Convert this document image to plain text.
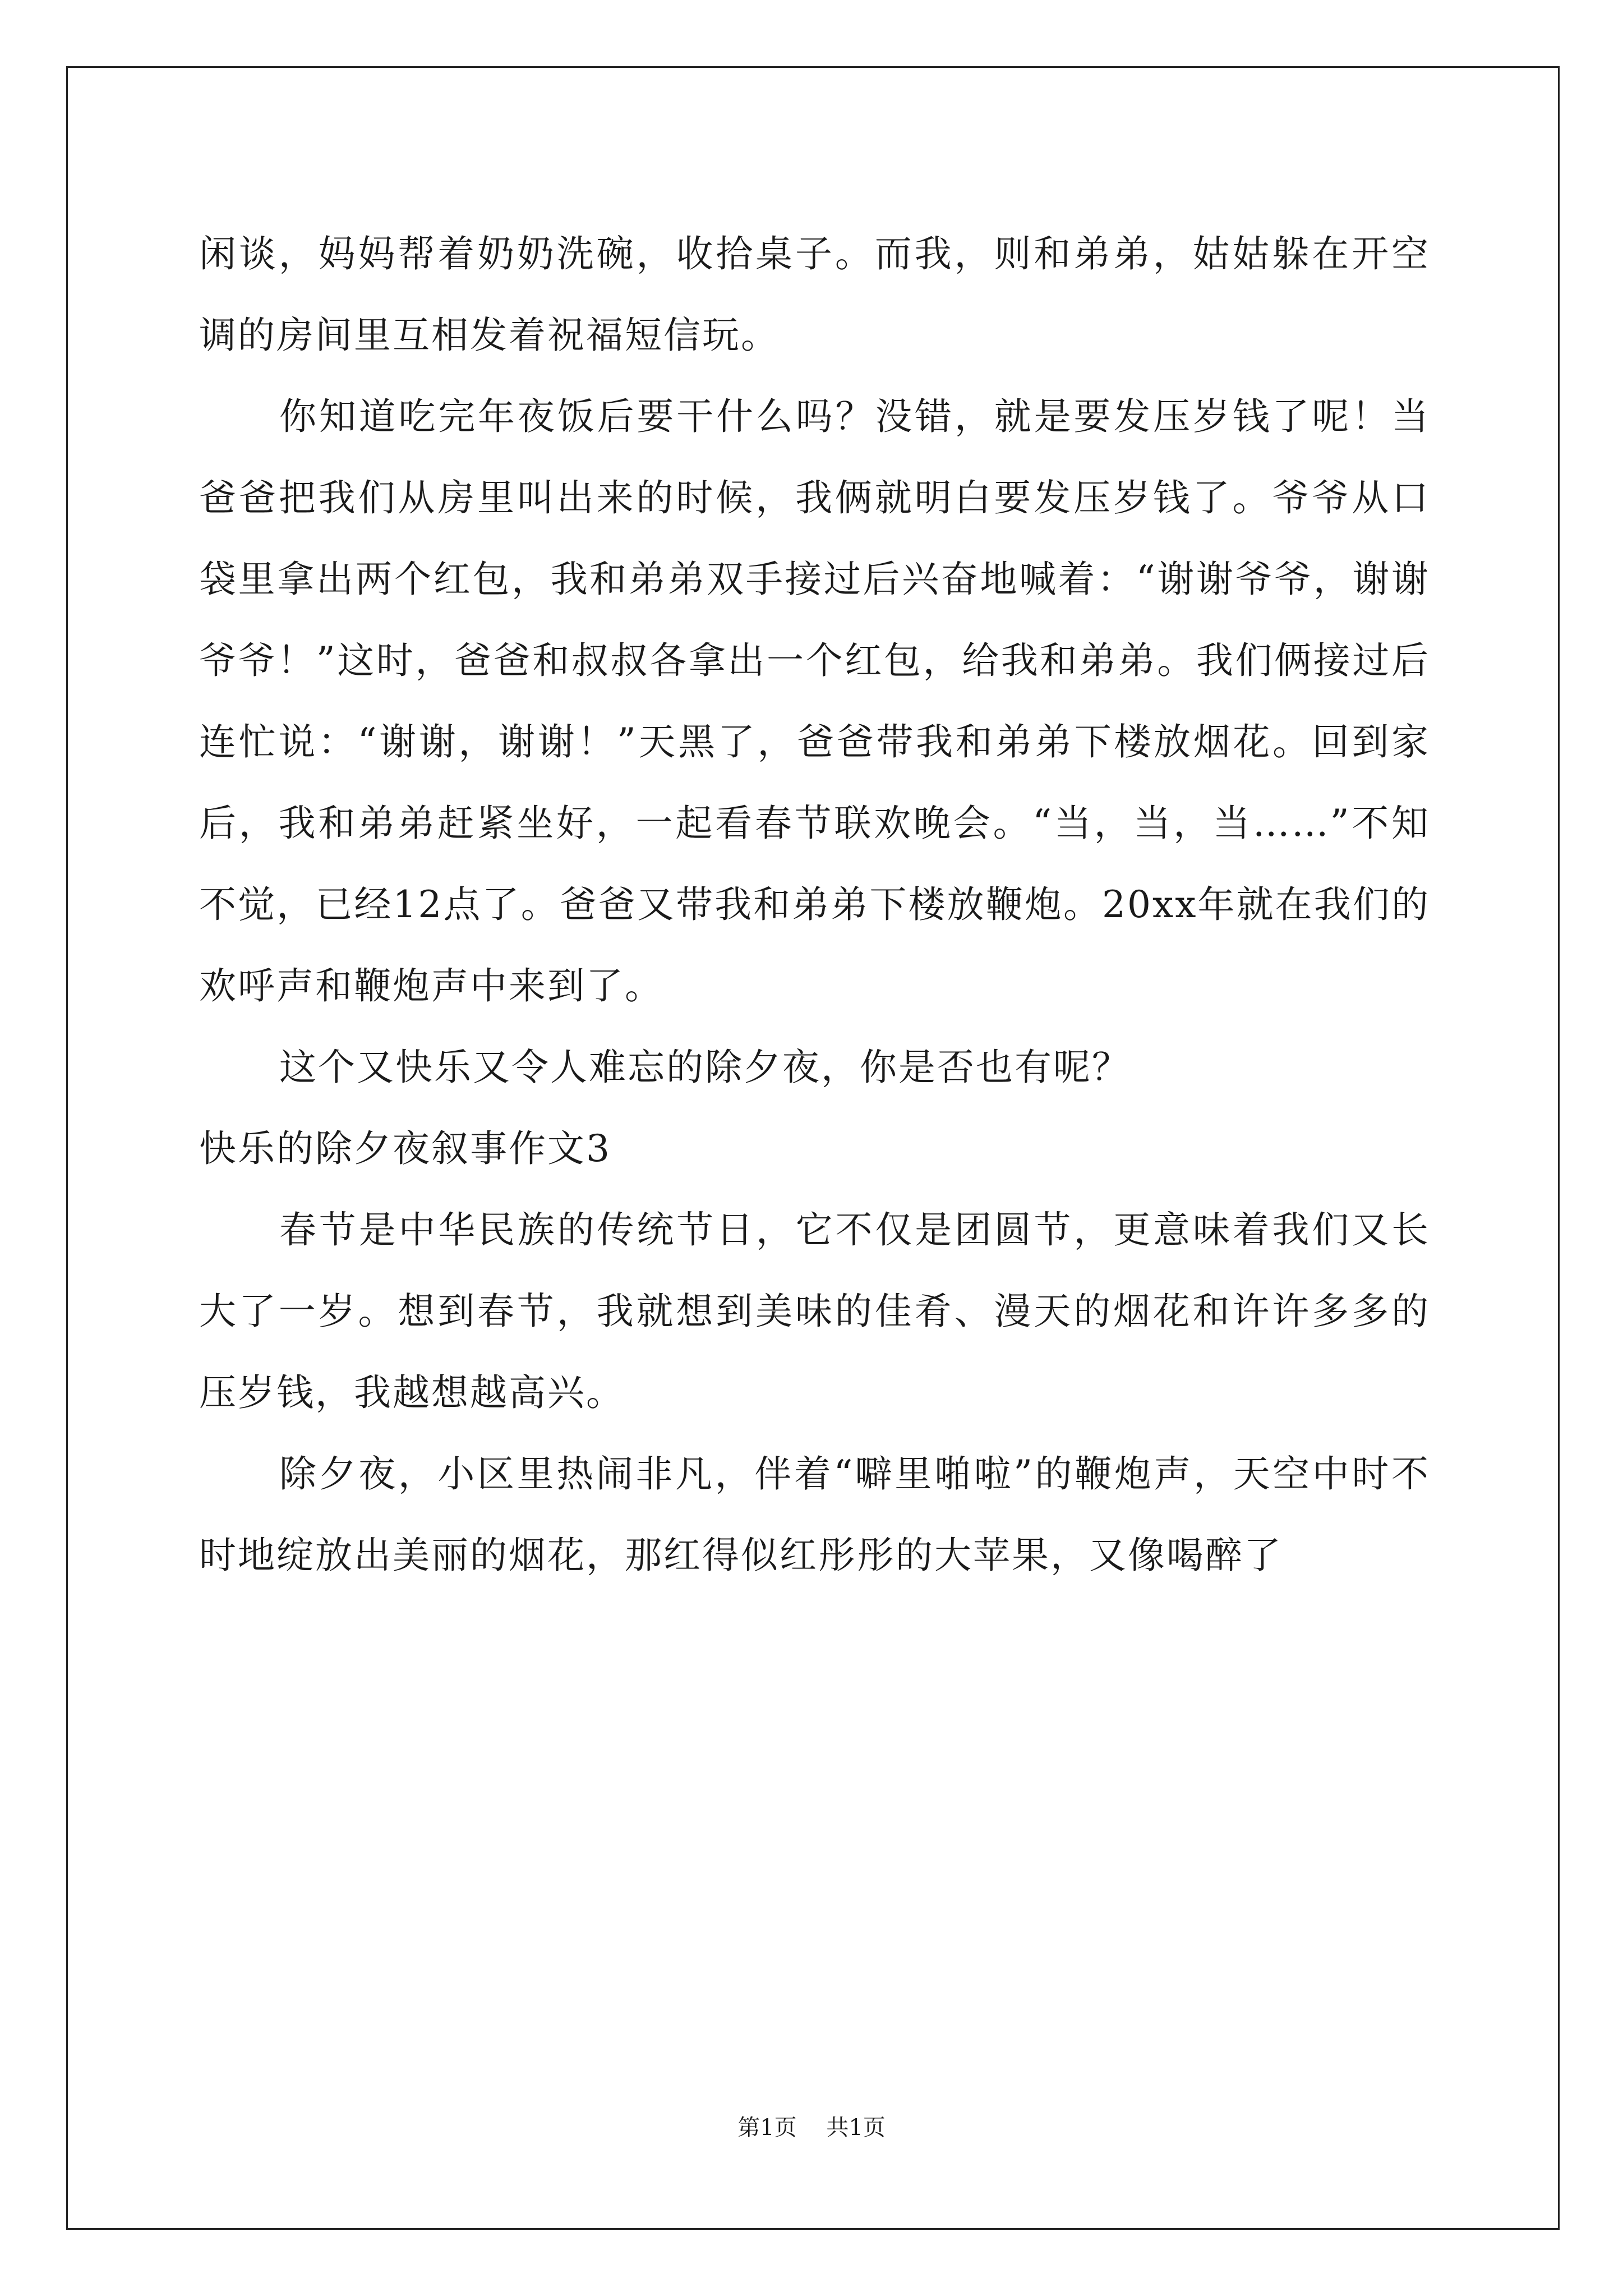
闲谈，妈妈帮着奶奶洗碗，收拾桌子。而我，则和弟弟，姑姑躲在开空调的房间里互相发着祝福短信玩。

你知道吃完年夜饭后要干什么吗？没错，就是要发压岁钱了呢！当爸爸把我们从房里叫出来的时候，我俩就明白要发压岁钱了。爷爷从口袋里拿出两个红包，我和弟弟双手接过后兴奋地喊着：“谢谢爷爷，谢谢爷爷！”这时，爸爸和叔叔各拿出一个红包，给我和弟弟。我们俩接过后连忙说：“谢谢，谢谢！”天黑了，爸爸带我和弟弟下楼放烟花。回到家后，我和弟弟赶紧坐好，一起看春节联欢晚会。“当，当，当……”不知不觉，已经12点了。爸爸又带我和弟弟下楼放鞭炮。20xx年就在我们的欢呼声和鞭炮声中来到了。

这个又快乐又令人难忘的除夕夜，你是否也有呢？

快乐的除夕夜叙事作文3

春节是中华民族的传统节日，它不仅是团圆节，更意味着我们又长大了一岁。想到春节，我就想到美味的佳肴、漫天的烟花和许许多多的压岁钱，我越想越高兴。

除夕夜，小区里热闹非凡，伴着“噼里啪啦”的鞭炮声，天空中时不时地绽放出美丽的烟花，那红得似红彤彤的大苹果，又像喝醉了

第1页 共1页
